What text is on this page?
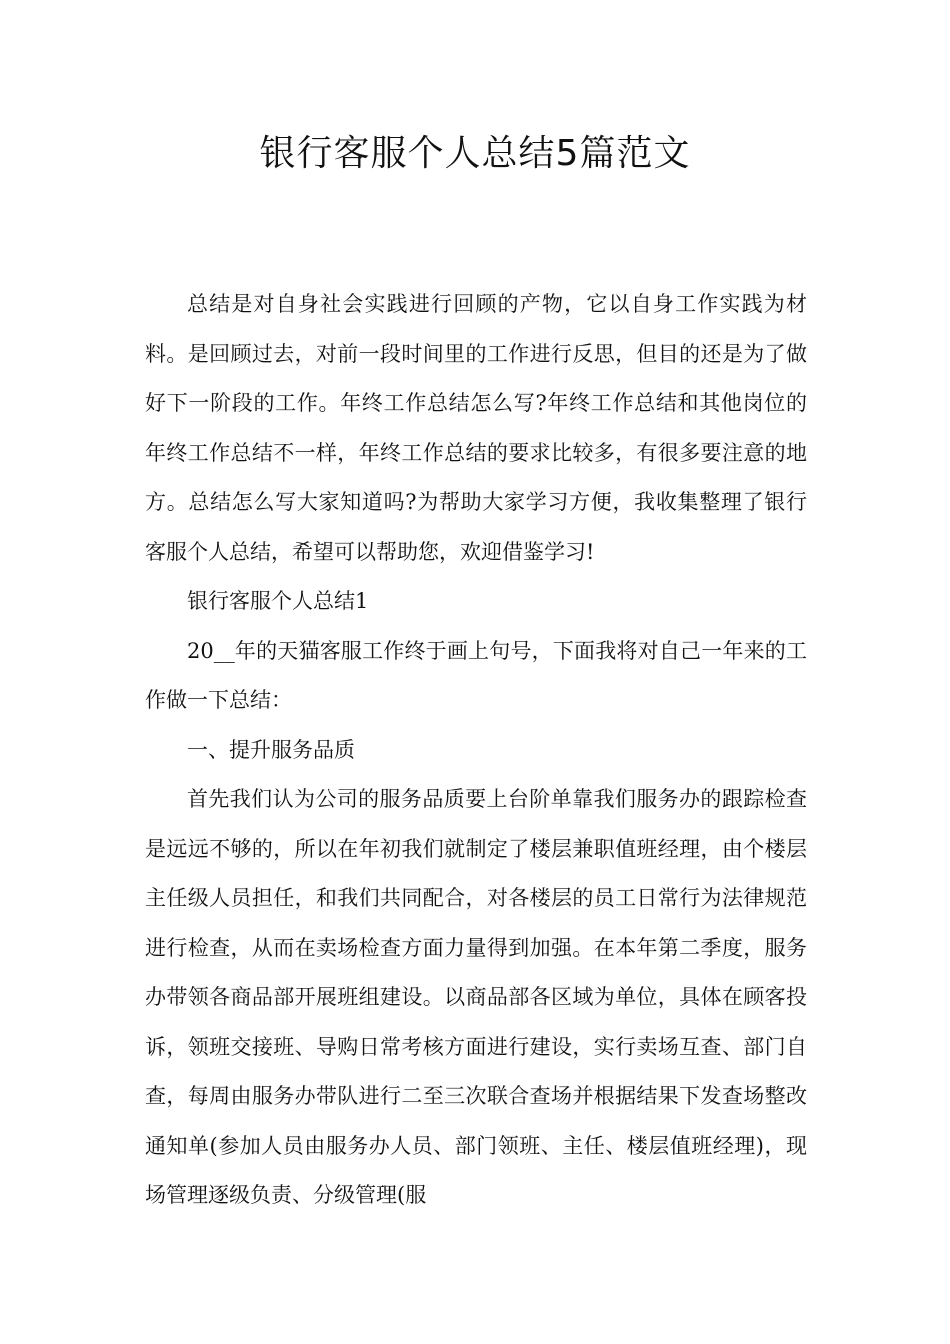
银行客服个人总结5篇范文

总结是对自身社会实践进行回顾的产物，它以自身工作实践为材料。是回顾过去，对前一段时间里的工作进行反思，但目的还是为了做好下一阶段的工作。年终工作总结怎么写?年终工作总结和其他岗位的年终工作总结不一样，年终工作总结的要求比较多，有很多要注意的地方。总结怎么写大家知道吗?为帮助大家学习方便，我收集整理了银行客服个人总结，希望可以帮助您，欢迎借鉴学习!

银行客服个人总结1

20__年的天猫客服工作终于画上句号，下面我将对自己一年来的工作做一下总结：

一、提升服务品质

首先我们认为公司的服务品质要上台阶单靠我们服务办的跟踪检查是远远不够的，所以在年初我们就制定了楼层兼职值班经理，由个楼层主任级人员担任，和我们共同配合，对各楼层的员工日常行为法律规范进行检查，从而在卖场检查方面力量得到加强。在本年第二季度，服务办带领各商品部开展班组建设。以商品部各区域为单位，具体在顾客投诉，领班交接班、导购日常考核方面进行建设，实行卖场互查、部门自查，每周由服务办带队进行二至三次联合查场并根据结果下发查场整改通知单(参加人员由服务办人员、部门领班、主任、楼层值班经理)，现场管理逐级负责、分级管理(服
